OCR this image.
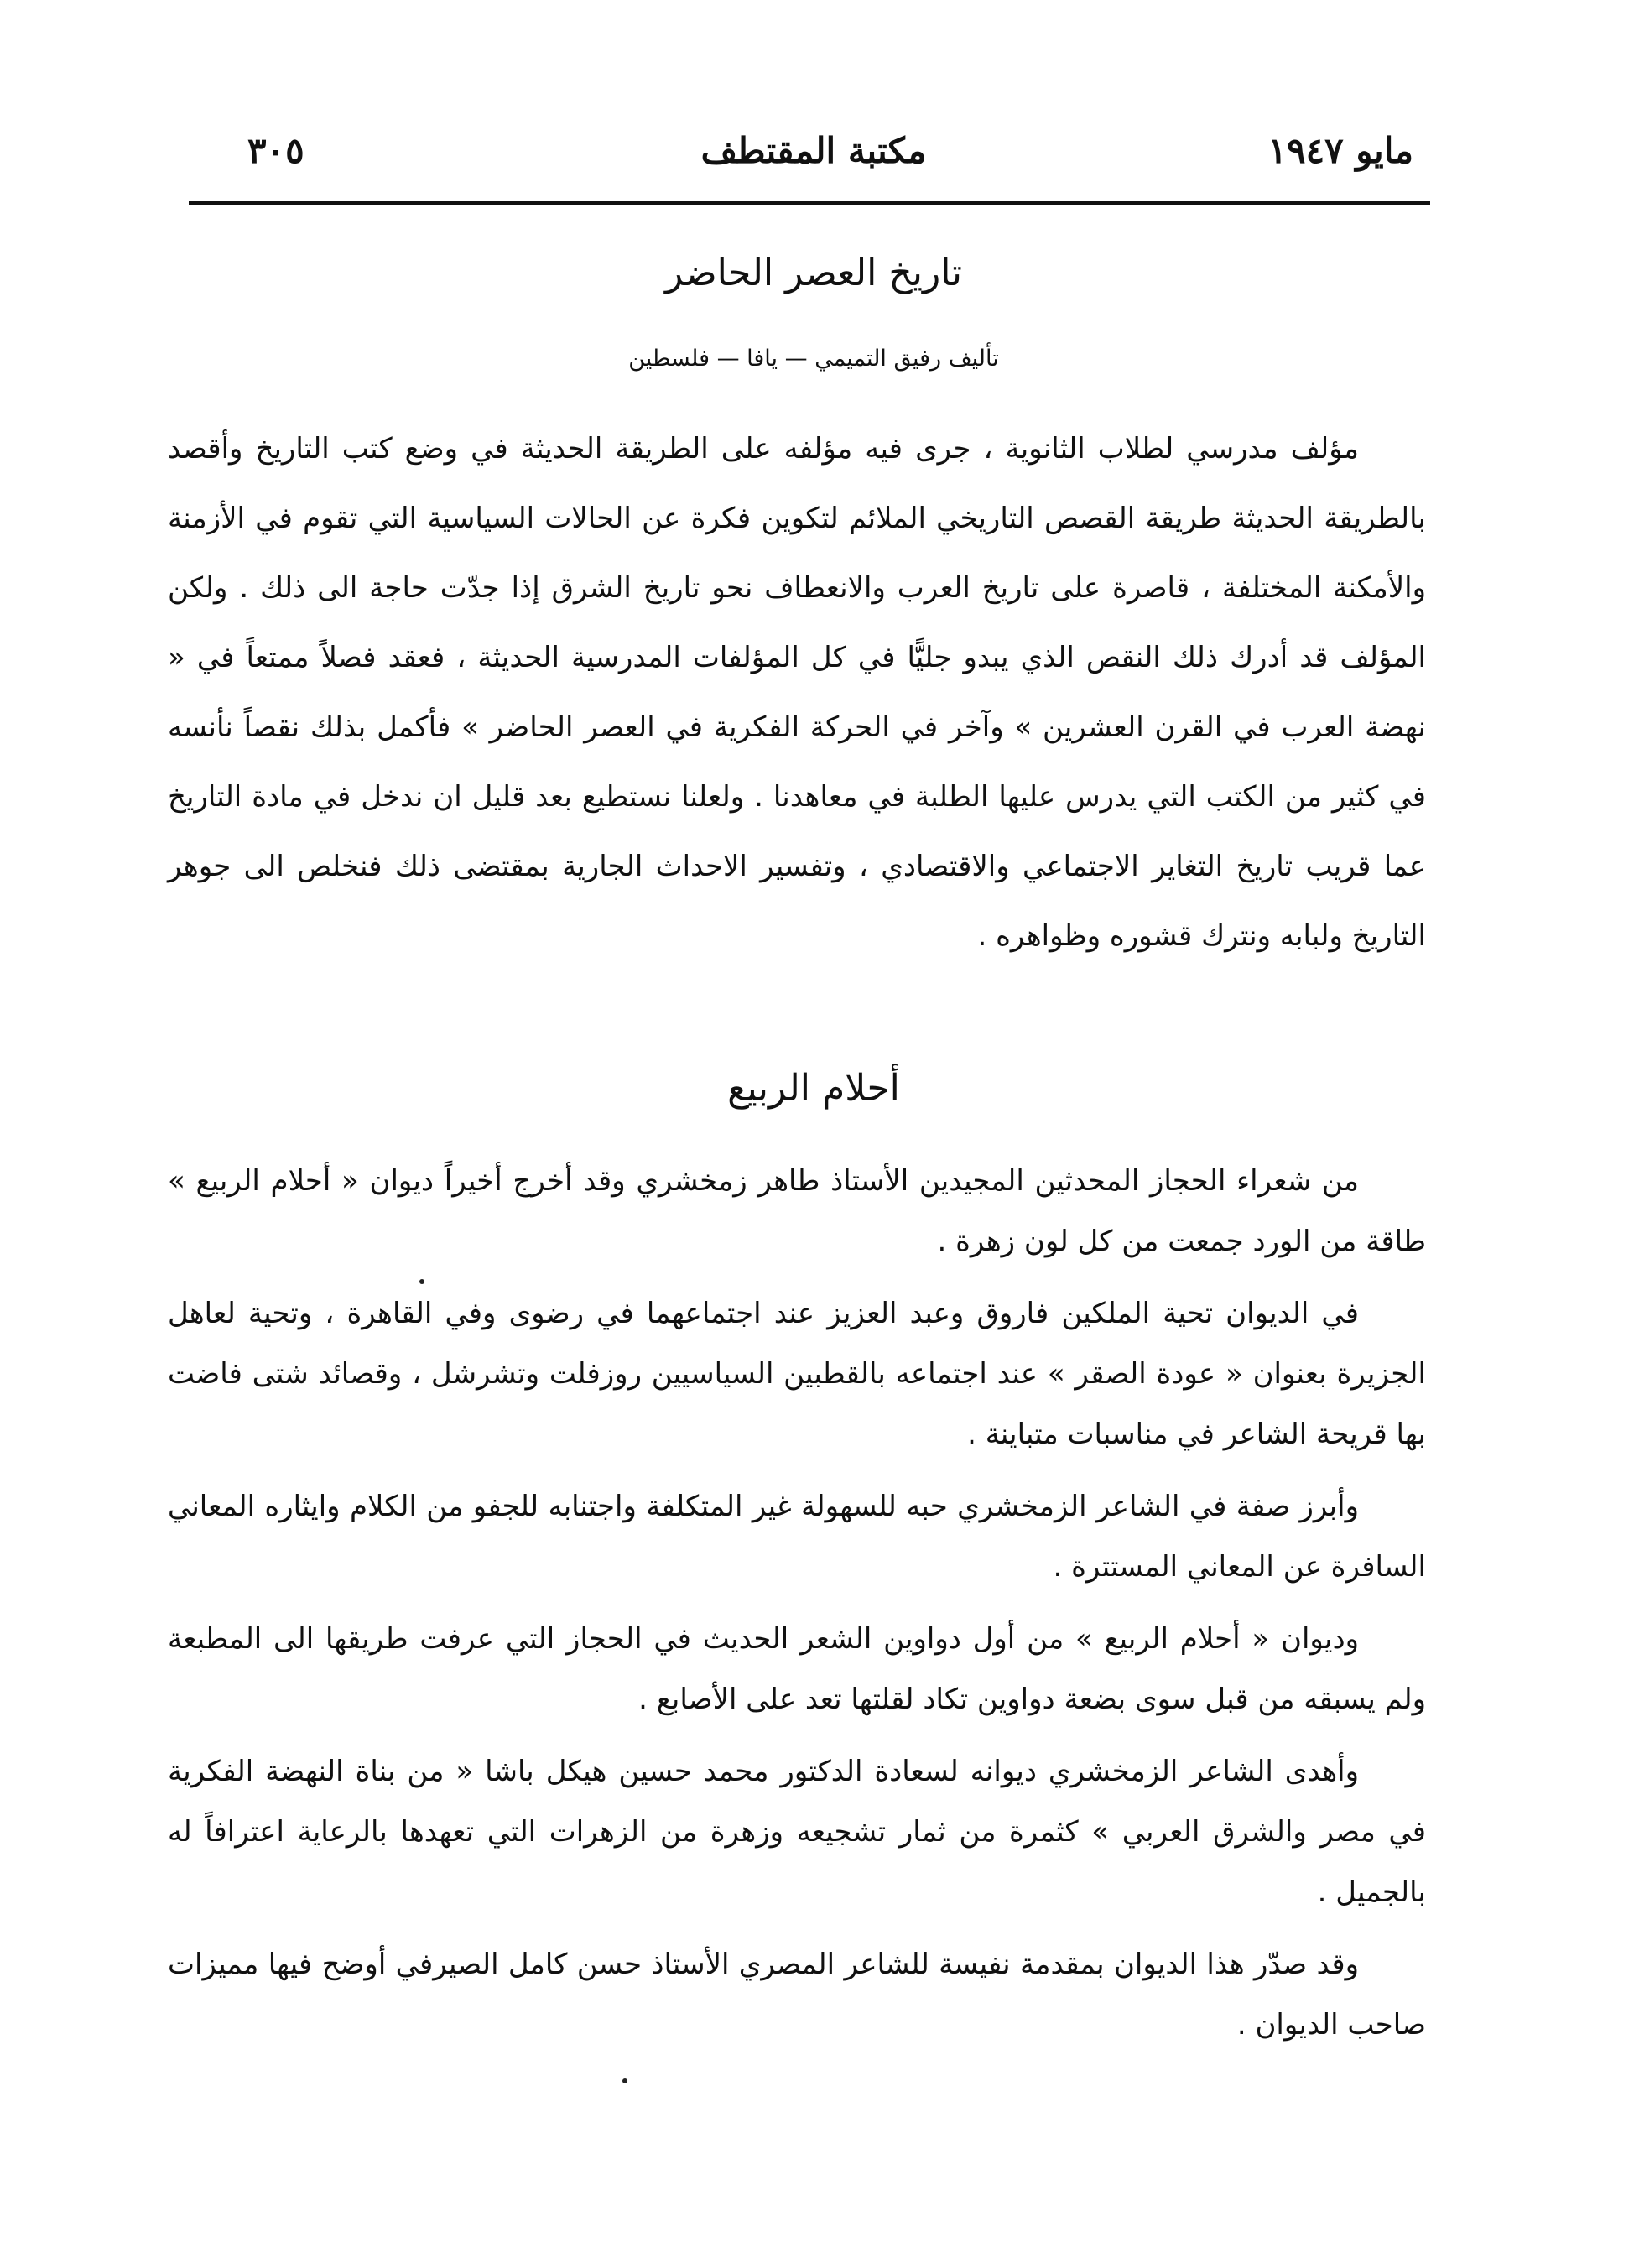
مايو ١٩٤٧
مكتبة المقتطف
٣٠٥
تاريخ العصر الحاضر
تأليف رفيق التميمي — يافا — فلسطين

مؤلف مدرسي لطلاب الثانوية ، جرى فيه مؤلفه على الطريقة الحديثة في وضع كتب التاريخ وأقصد بالطريقة الحديثة طريقة القصص التاريخي الملائم لتكوين فكرة عن الحالات السياسية التي تقوم في الأزمنة والأمكنة المختلفة ، قاصرة على تاريخ العرب والانعطاف نحو تاريخ الشرق إذا جدّت حاجة الى ذلك . ولكن المؤلف قد أدرك ذلك النقص الذي يبدو جليًّا في كل المؤلفات المدرسية الحديثة ، فعقد فصلاً ممتعاً في « نهضة العرب في القرن العشرين » وآخر في الحركة الفكرية في العصر الحاضر » فأكمل بذلك نقصاً نأنسه في كثير من الكتب التي يدرس عليها الطلبة في معاهدنا . ولعلنا نستطيع بعد قليل ان ندخل في مادة التاريخ عما قريب تاريخ التغاير الاجتماعي والاقتصادي ، وتفسير الاحداث الجارية بمقتضى ذلك فنخلص الى جوهر التاريخ ولبابه ونترك قشوره وظواهره .

أحلام الربيع

من شعراء الحجاز المحدثين المجيدين الأستاذ طاهر زمخشري وقد أخرج أخيراً ديوان « أحلام الربيع » طاقة من الورد جمعت من كل لون زهرة .

في الديوان تحية الملكين فاروق وعبد العزيز عند اجتماعهما في رضوى وفي القاهرة ، وتحية لعاهل الجزيرة بعنوان « عودة الصقر » عند اجتماعه بالقطبين السياسيين روزفلت وتشرشل ، وقصائد شتى فاضت بها قريحة الشاعر في مناسبات متباينة .

وأبرز صفة في الشاعر الزمخشري حبه للسهولة غير المتكلفة واجتنابه للجفو من الكلام وايثاره المعاني السافرة عن المعاني المستترة .

وديوان « أحلام الربيع » من أول دواوين الشعر الحديث في الحجاز التي عرفت طريقها الى المطبعة ولم يسبقه من قبل سوى بضعة دواوين تكاد لقلتها تعد على الأصابع .

وأهدى الشاعر الزمخشري ديوانه لسعادة الدكتور محمد حسين هيكل باشا « من بناة النهضة الفكرية في مصر والشرق العربي » كثمرة من ثمار تشجيعه وزهرة من الزهرات التي تعهدها بالرعاية اعترافاً له بالجميل .

وقد صدّر هذا الديوان بمقدمة نفيسة للشاعر المصري الأستاذ حسن كامل الصيرفي أوضح فيها مميزات صاحب الديوان .
